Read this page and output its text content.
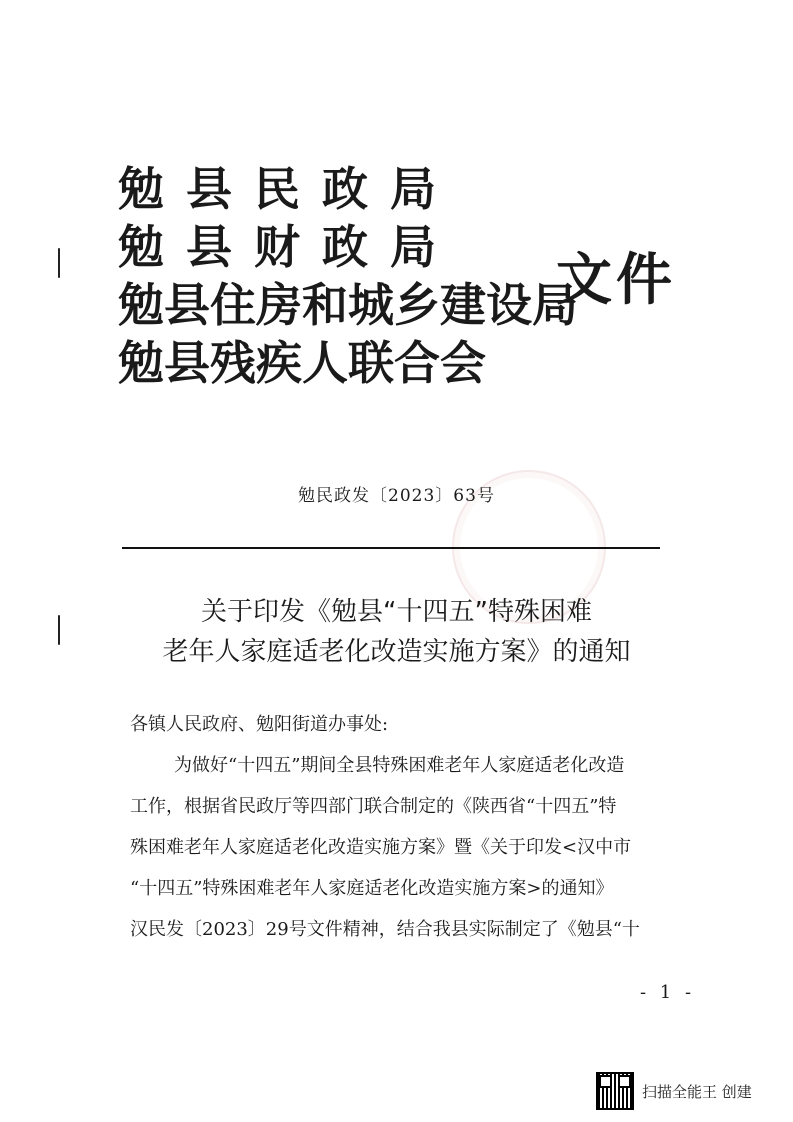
勉县民政局
勉县财政局
勉县住房和城乡建设局
勉县残疾人联合会
文件
勉民政发〔2023〕63号
关于印发《勉县“十四五”特殊困难
老年人家庭适老化改造实施方案》的通知
各镇人民政府、勉阳街道办事处:
为做好“十四五”期间全县特殊困难老年人家庭适老化改造
工作，根据省民政厅等四部门联合制定的《陕西省“十四五”特
殊困难老年人家庭适老化改造实施方案》暨《关于印发<汉中市
“十四五”特殊困难老年人家庭适老化改造实施方案>的通知》
汉民发〔2023〕29号文件精神，结合我县实际制定了《勉县“十
- 1 -
扫描全能王 创建
